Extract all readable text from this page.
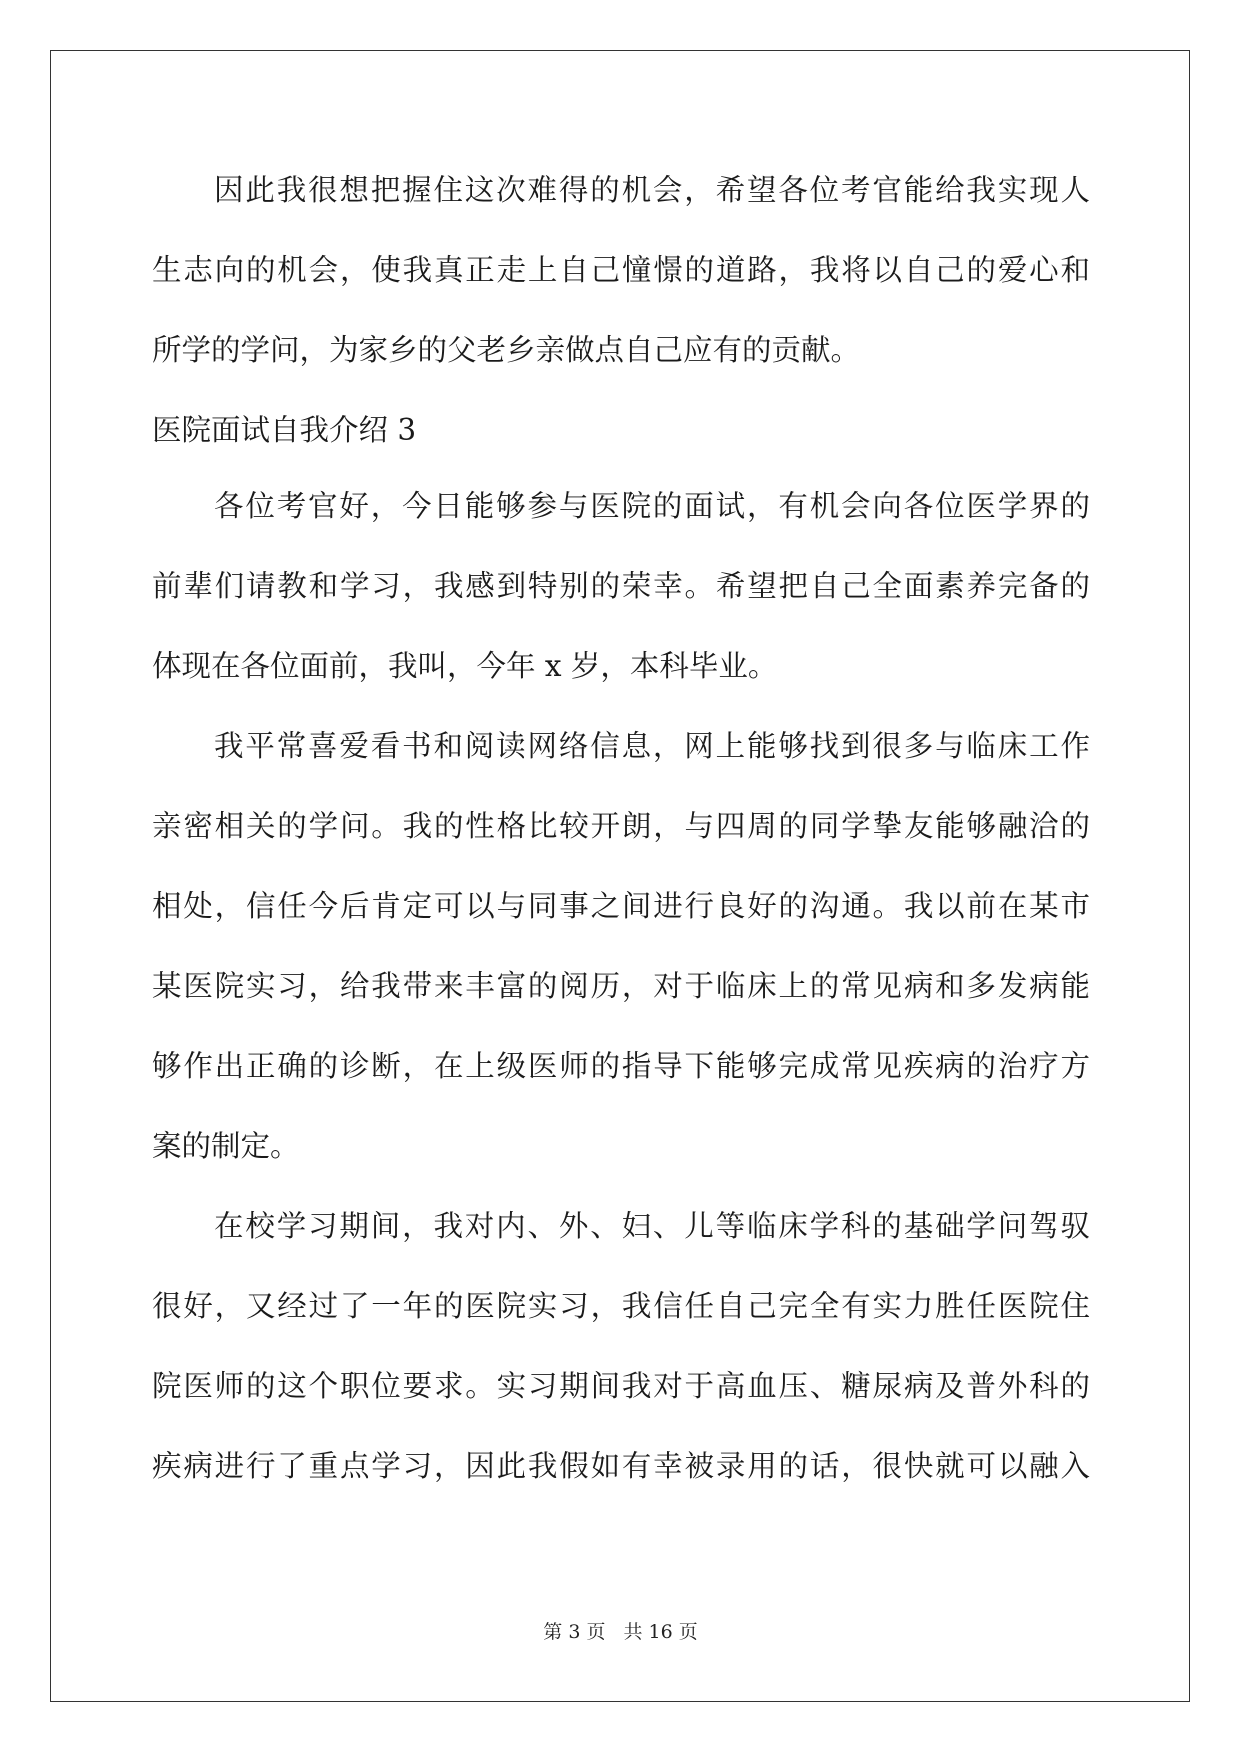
因此我很想把握住这次难得的机会，希望各位考官能给我实现人
生志向的机会，使我真正走上自己憧憬的道路，我将以自己的爱心和
所学的学问，为家乡的父老乡亲做点自己应有的贡献。
医院面试自我介绍 3
各位考官好，今日能够参与医院的面试，有机会向各位医学界的
前辈们请教和学习，我感到特别的荣幸。希望把自己全面素养完备的
体现在各位面前，我叫，今年 x 岁，本科毕业。
我平常喜爱看书和阅读网络信息，网上能够找到很多与临床工作
亲密相关的学问。我的性格比较开朗，与四周的同学挚友能够融洽的
相处，信任今后肯定可以与同事之间进行良好的沟通。我以前在某市
某医院实习，给我带来丰富的阅历，对于临床上的常见病和多发病能
够作出正确的诊断，在上级医师的指导下能够完成常见疾病的治疗方
案的制定。
在校学习期间，我对内、外、妇、儿等临床学科的基础学问驾驭
很好，又经过了一年的医院实习，我信任自己完全有实力胜任医院住
院医师的这个职位要求。实习期间我对于高血压、糖尿病及普外科的
疾病进行了重点学习，因此我假如有幸被录用的话，很快就可以融入
第 3 页 共 16 页
